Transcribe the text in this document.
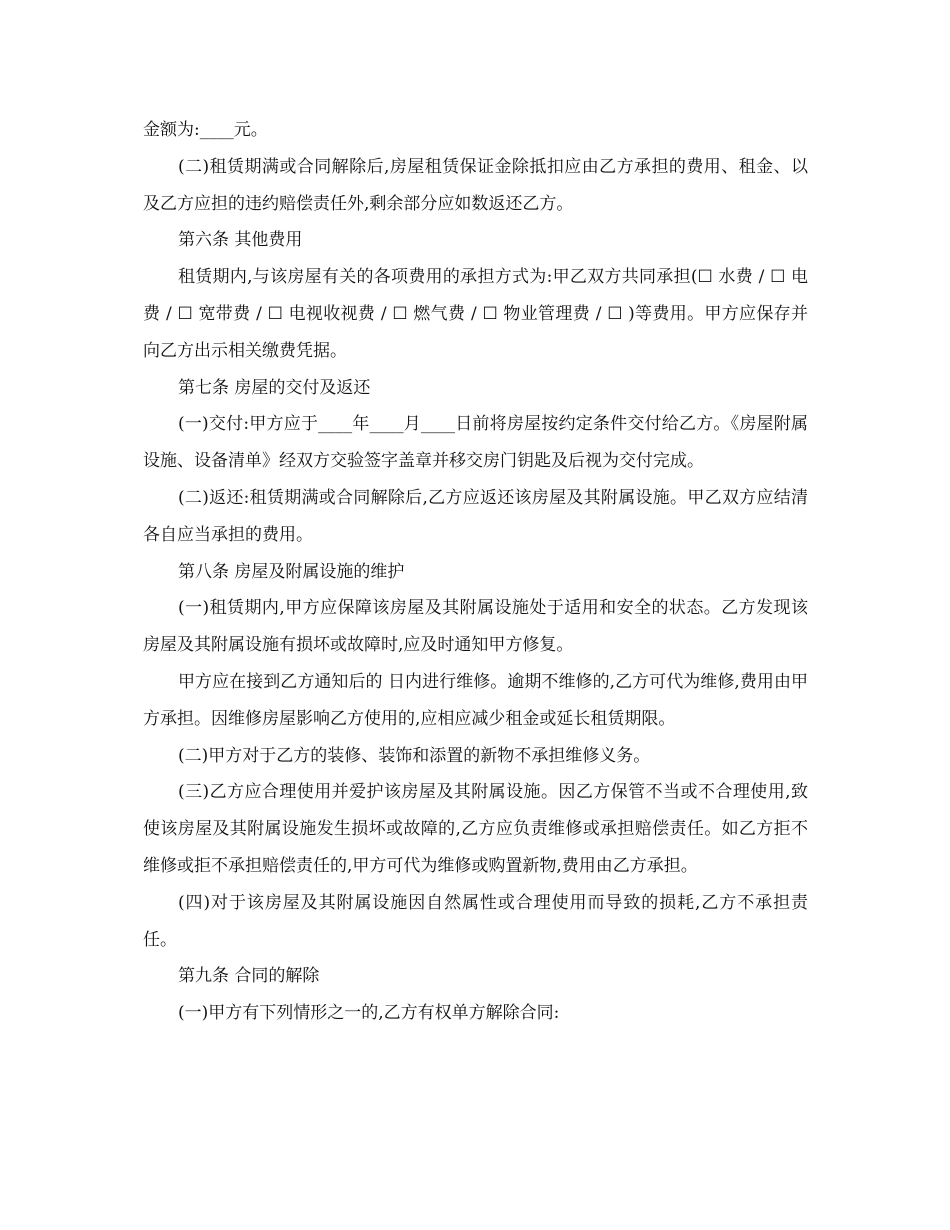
金额为:____元。

(二)租赁期满或合同解除后,房屋租赁保证金除抵扣应由乙方承担的费用、租金、以及乙方应担的违约赔偿责任外,剩余部分应如数返还乙方。

第六条 其他费用

租赁期内,与该房屋有关的各项费用的承担方式为:甲乙双方共同承担(☐ 水费 / ☐ 电费 / ☐ 宽带费 / ☐ 电视收视费 / ☐ 燃气费 / ☐ 物业管理费 / ☐ )等费用。甲方应保存并向乙方出示相关缴费凭据。

第七条 房屋的交付及返还

(一)交付:甲方应于____年____月____日前将房屋按约定条件交付给乙方。《房屋附属设施、设备清单》经双方交验签字盖章并移交房门钥匙及后视为交付完成。

(二)返还:租赁期满或合同解除后,乙方应返还该房屋及其附属设施。甲乙双方应结清各自应当承担的费用。

第八条 房屋及附属设施的维护

(一)租赁期内,甲方应保障该房屋及其附属设施处于适用和安全的状态。乙方发现该房屋及其附属设施有损坏或故障时,应及时通知甲方修复。

甲方应在接到乙方通知后的 日内进行维修。逾期不维修的,乙方可代为维修,费用由甲方承担。因维修房屋影响乙方使用的,应相应减少租金或延长租赁期限。

(二)甲方对于乙方的装修、装饰和添置的新物不承担维修义务。

(三)乙方应合理使用并爱护该房屋及其附属设施。因乙方保管不当或不合理使用,致使该房屋及其附属设施发生损坏或故障的,乙方应负责维修或承担赔偿责任。如乙方拒不维修或拒不承担赔偿责任的,甲方可代为维修或购置新物,费用由乙方承担。

(四)对于该房屋及其附属设施因自然属性或合理使用而导致的损耗,乙方不承担责任。

第九条 合同的解除

(一)甲方有下列情形之一的,乙方有权单方解除合同:
